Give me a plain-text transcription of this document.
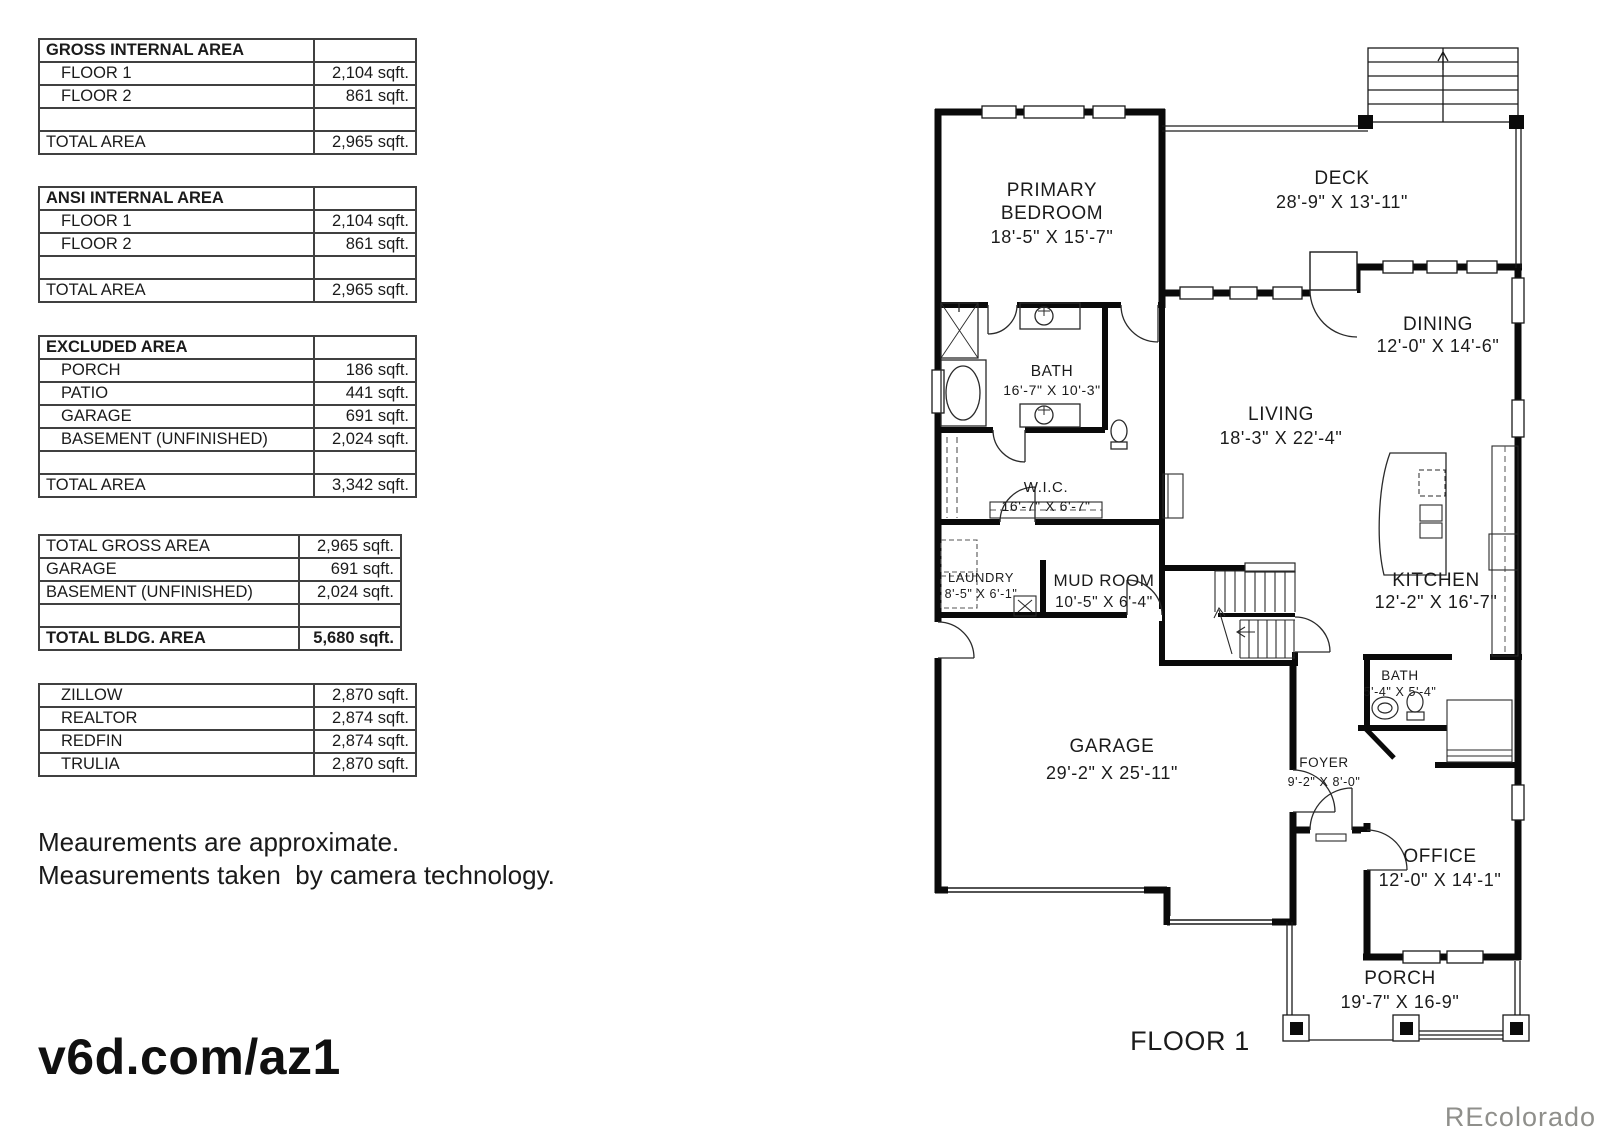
GROSS INTERNAL AREA	
FLOOR 1	2,104 sqft.
FLOOR 2	861 sqft.

TOTAL AREA	2,965 sqft.
ANSI INTERNAL AREA	
FLOOR 1	2,104 sqft.
FLOOR 2	861 sqft.

TOTAL AREA	2,965 sqft.
EXCLUDED AREA	
PORCH	186 sqft.
PATIO	441 sqft.
GARAGE	691 sqft.
BASEMENT (UNFINISHED)	2,024 sqft.

TOTAL AREA	3,342 sqft.
TOTAL GROSS AREA	2,965 sqft.
GARAGE	691 sqft.
BASEMENT (UNFINISHED)	2,024 sqft.

TOTAL BLDG. AREA	5,680 sqft.
ZILLOW	2,870 sqft.
REALTOR	2,874 sqft.
REDFIN	2,874 sqft.
TRULIA	2,870 sqft.
Meaurements are approximate.
Measurements taken  by camera technology.
v6d.com/az1
REcolorado
PRIMARY
BEDROOM
18'-5" X 15'-7"
DECK
28'-9" X 13'-11"
DINING
12'-0" X 14'-6"
LIVING
18'-3" X 22'-4"
BATH
16'-7" X 10'-3"
W.I.C.
16'-7" X 6'-7"
LAUNDRY
8'-5" X 6'-1"
MUD ROOM
10'-5" X 6'-4"
KITCHEN
12'-2" X 16'-7"
BATH
5'-4" X 5'-4"
GARAGE
29'-2" X 25'-11"
FOYER
9'-2" X 8'-0"
OFFICE
12'-0" X 14'-1"
PORCH
19'-7" X 16-9"
FLOOR 1
